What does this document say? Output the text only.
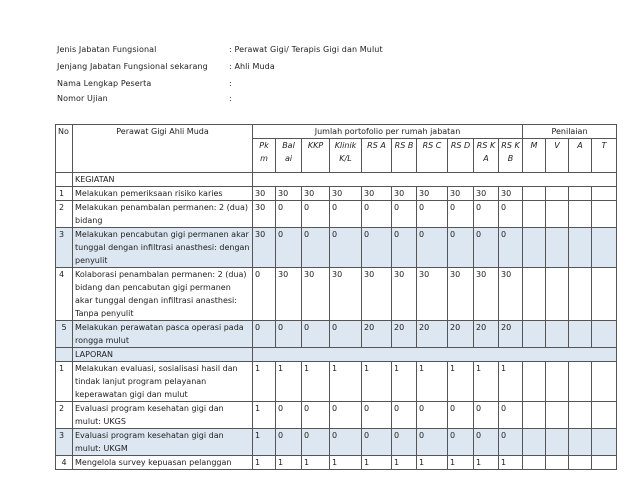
Jenis Jabatan Fungsional	: Perawat Gigi/ Terapis Gigi dan Mulut
Jenjang Jabatan Fungsional sekarang	: Ahli Muda
Nama Lengkap Peserta	:
Nomor Ujian	:
No	Perawat Gigi Ahli Muda	Jumlah portofolio per rumah jabatan										Penilaian			
		Pk m	Bal ai	KKP	Klinik K/L	RS A	RS B	RS C	RS D	RS K A	RS K B	M	V	A	T
	KEGIATAN														
1	Melakukan pemeriksaan risiko karies	30	30	30	30	30	30	30	30	30	30				
2	Melakukan penambalan permanen: 2 (dua) bidang	30	0	0	0	0	0	0	0	0	0				
3	Melakukan pencabutan gigi permanen akar tunggal dengan infiltrasi anasthesi: dengan penyulit	30	0	0	0	0	0	0	0	0	0				
4	Kolaborasi penambalan permanen: 2 (dua) bidang dan pencabutan gigi permanen akar tunggal dengan infiltrasi anasthesi: Tanpa penyulit	0	30	30	30	30	30	30	30	30	30				
5	Melakukan perawatan pasca operasi pada rongga mulut	0	0	0	0	20	20	20	20	20	20				
	LAPORAN														
1	Melakukan evaluasi, sosialisasi hasil dan tindak lanjut program pelayanan keperawatan gigi dan mulut	1	1	1	1	1	1	1	1	1	1				
2	Evaluasi program kesehatan gigi dan mulut: UKGS	1	0	0	0	0	0	0	0	0	0				
3	Evaluasi program kesehatan gigi dan mulut: UKGM	1	0	0	0	0	0	0	0	0	0				
4	Mengelola survey kepuasan pelanggan	1	1	1	1	1	1	1	1	1	1				
